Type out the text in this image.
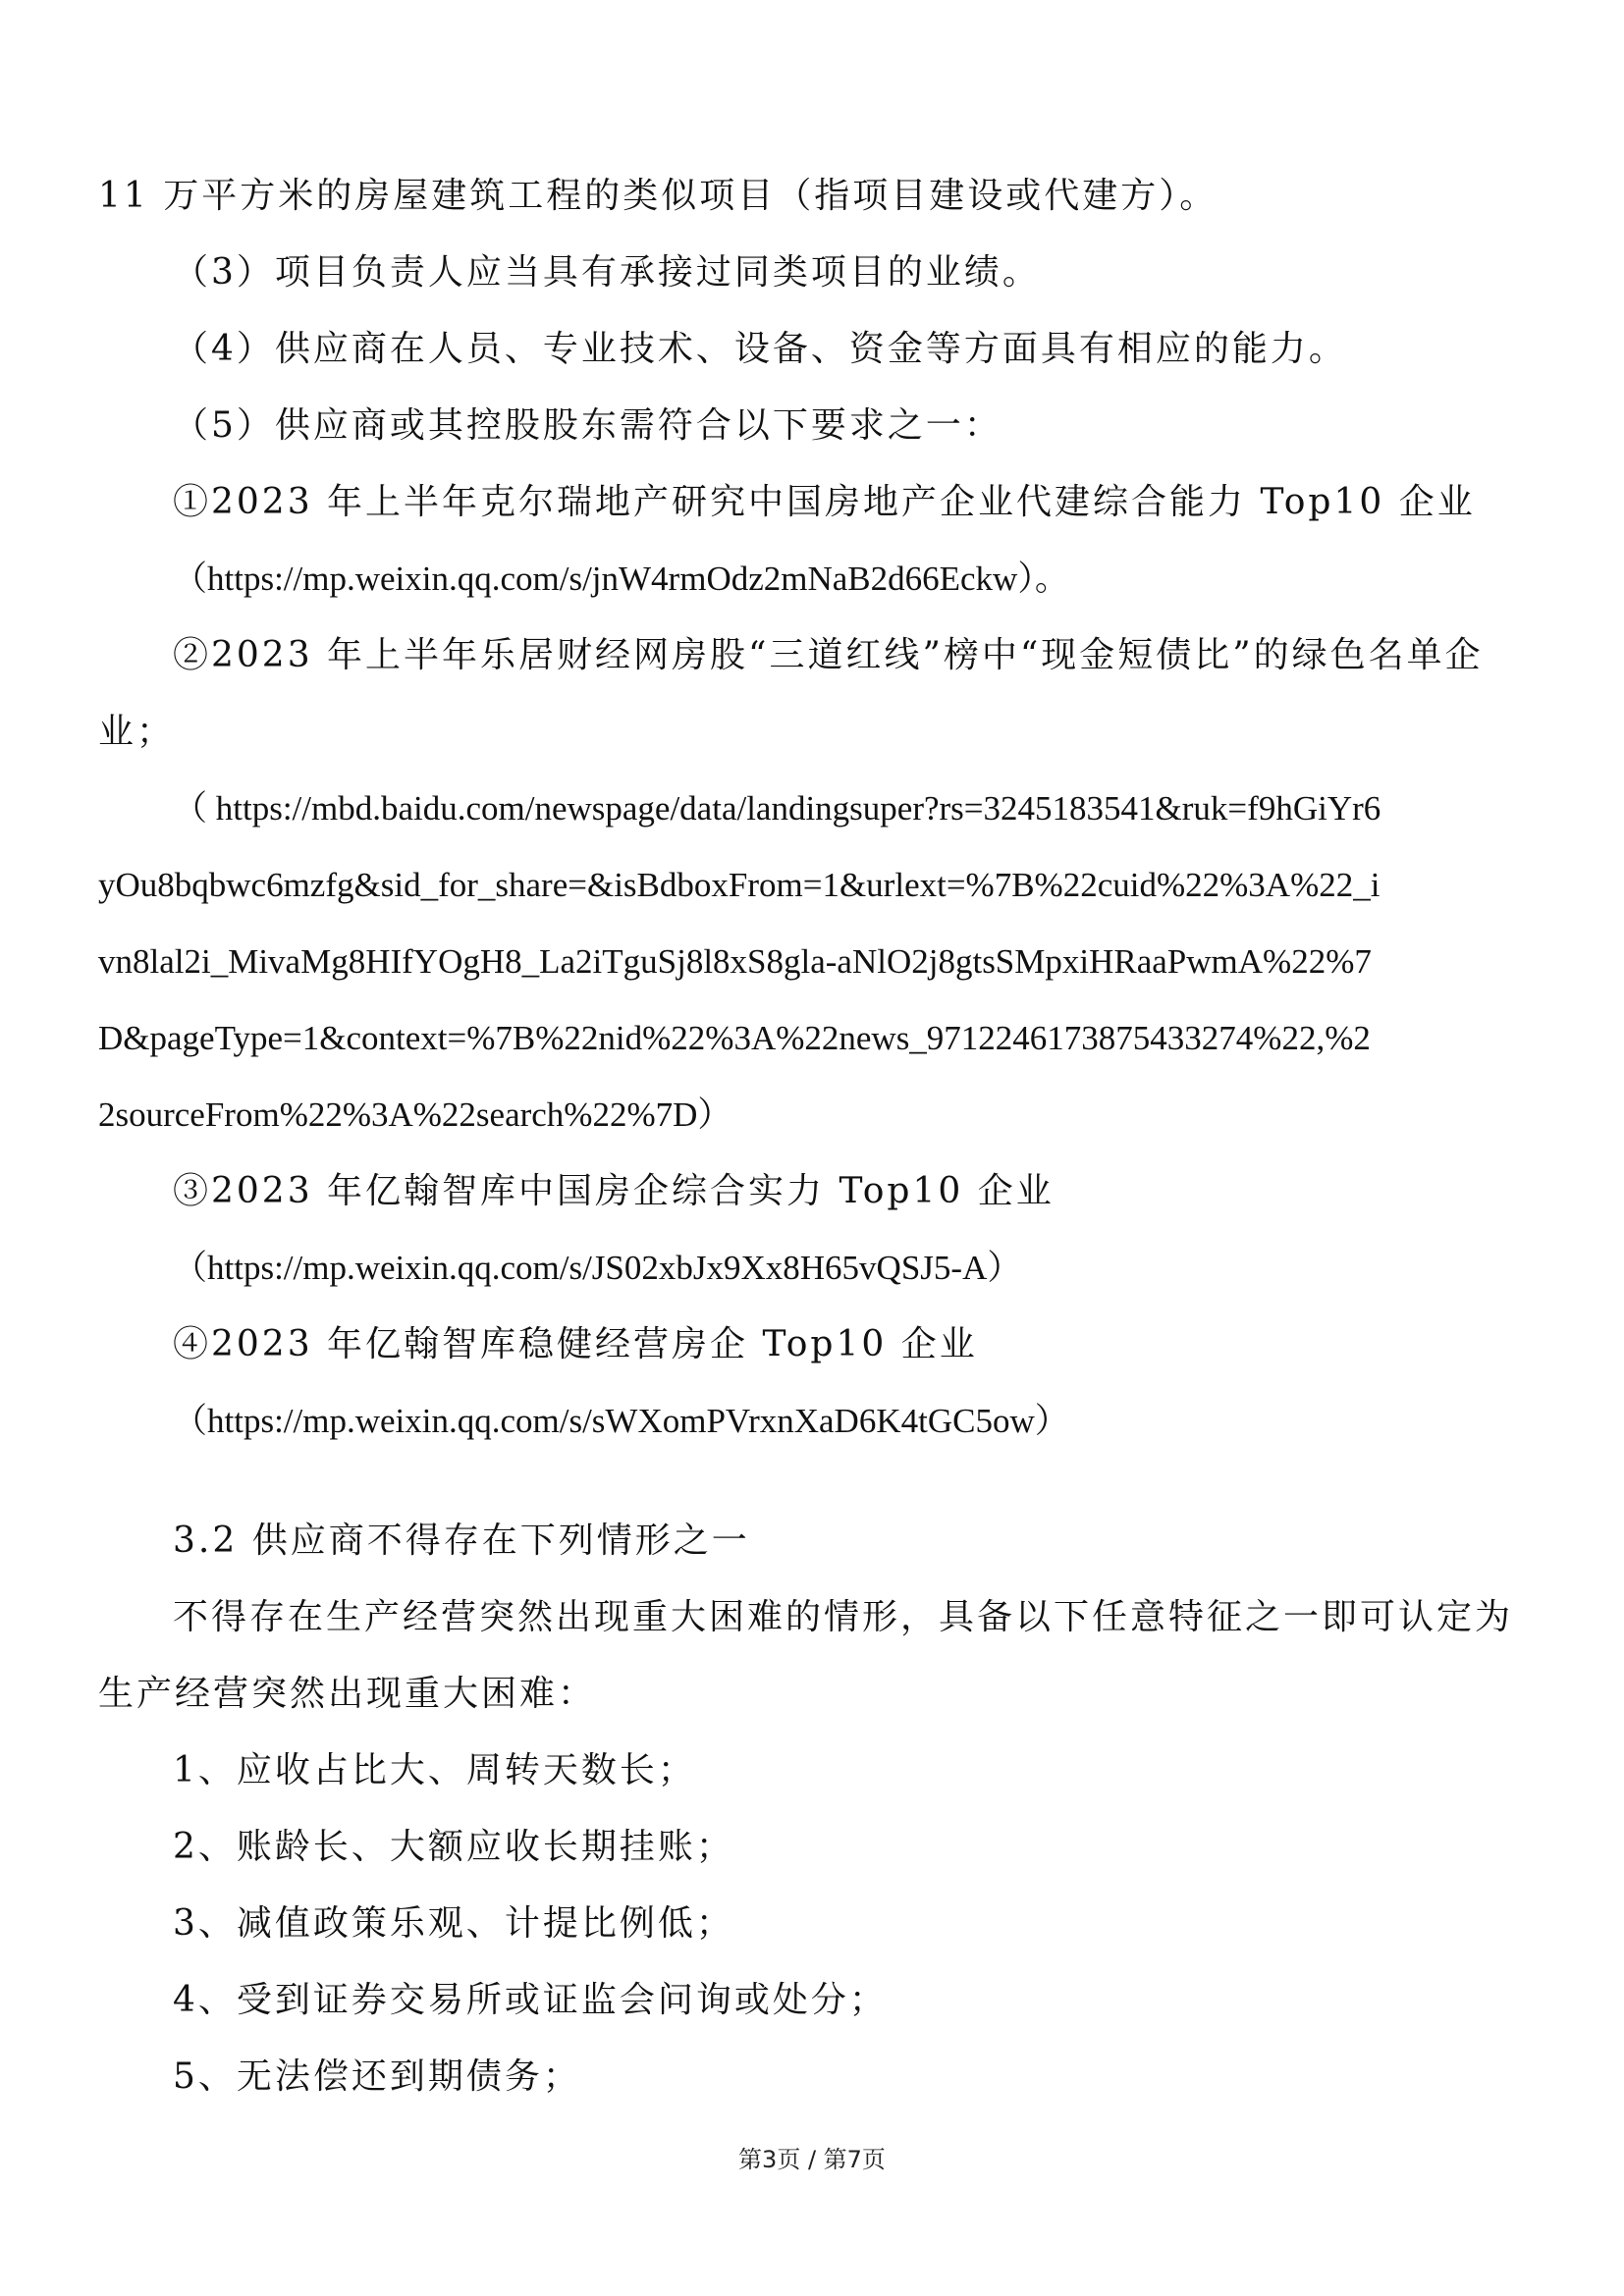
11 万平方米的房屋建筑工程的类似项目（指项目建设或代建方）。
（3）项目负责人应当具有承接过同类项目的业绩。
（4）供应商在人员、专业技术、设备、资金等方面具有相应的能力。
（5）供应商或其控股股东需符合以下要求之一：
①2023 年上半年克尔瑞地产研究中国房地产企业代建综合能力 Top10 企业
（https://mp.weixin.qq.com/s/jnW4rmOdz2mNaB2d66Eckw）。
②2023 年上半年乐居财经网房股“三道红线”榜中“现金短债比”的绿色名单企
业；
（ https://mbd.baidu.com/newspage/data/landingsuper?rs=3245183541&ruk=f9hGiYr6
yOu8bqbwc6mzfg&sid_for_share=&isBdboxFrom=1&urlext=%7B%22cuid%22%3A%22_i
vn8lal2i_MivaMg8HIfYOgH8_La2iTguSj8l8xS8gla-aNlO2j8gtsSMpxiHRaaPwmA%22%7
D&pageType=1&context=%7B%22nid%22%3A%22news_9712246173875433274%22,%2
2sourceFrom%22%3A%22search%22%7D）
③2023 年亿翰智库中国房企综合实力 Top10 企业
（https://mp.weixin.qq.com/s/JS02xbJx9Xx8H65vQSJ5-A）
④2023 年亿翰智库稳健经营房企 Top10 企业
（https://mp.weixin.qq.com/s/sWXomPVrxnXaD6K4tGC5ow）
3.2 供应商不得存在下列情形之一
不得存在生产经营突然出现重大困难的情形，具备以下任意特征之一即可认定为
生产经营突然出现重大困难：
1、应收占比大、周转天数长；
2、账龄长、大额应收长期挂账；
3、减值政策乐观、计提比例低；
4、受到证券交易所或证监会问询或处分；
5、无法偿还到期债务；
第3页 / 第7页
